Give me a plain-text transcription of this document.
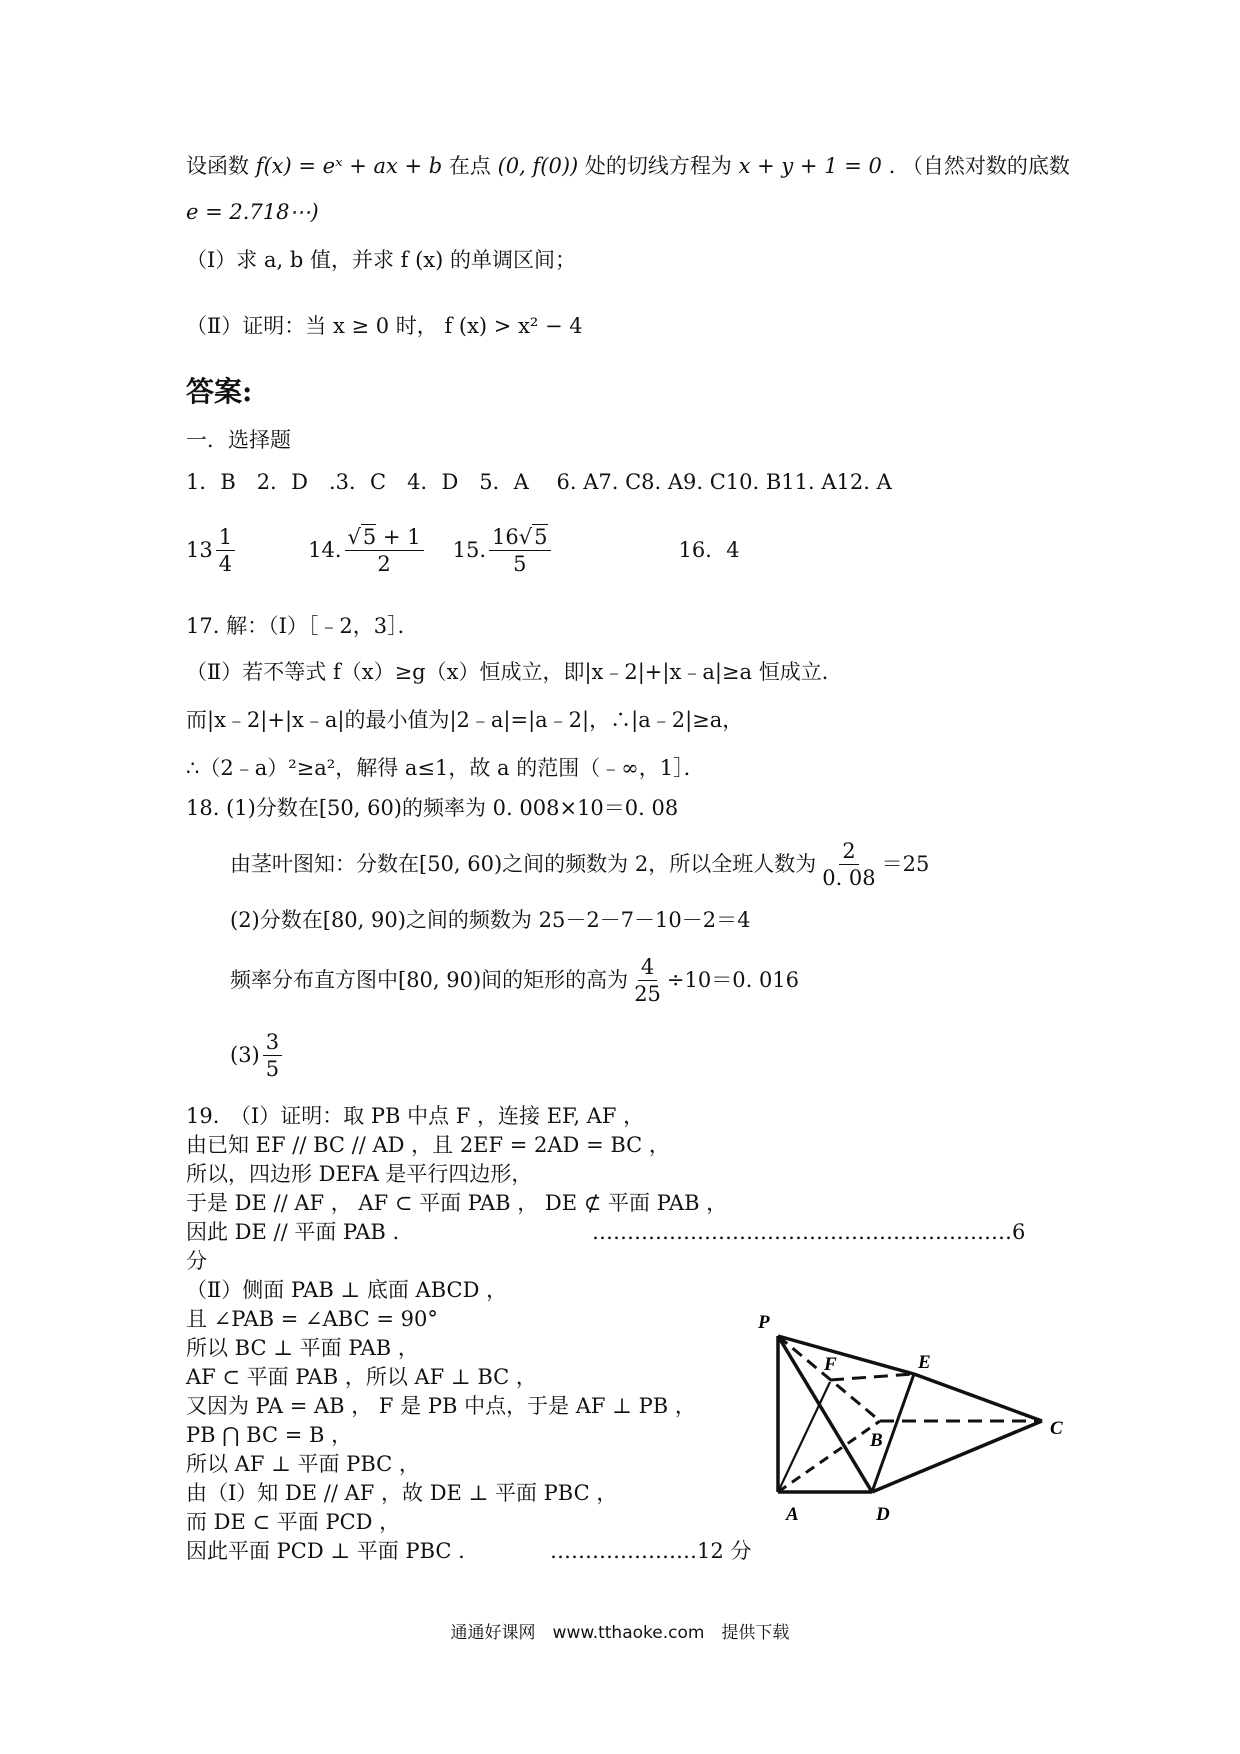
设函数 f(x) = eˣ + ax + b 在点 (0, f(0)) 处的切线方程为 x + y + 1 = 0 . （自然对数的底数
e = 2.718⋯)
（Ⅰ）求 a, b 值，并求 f (x) 的单调区间；
（Ⅱ）证明：当 x ≥ 0 时， f (x) > x² − 4
答案:
一．选择题
1．B　2．D　.3．C　4．D　5．A　 6. A7. C8. A9. C10. B11. A12. A
$13 \frac{1}{4}$	14. $\frac{√5 + 1}{2} 15$. $\frac{16√5}{5}$	16．4
17. 解：（Ⅰ）［﹣2，3］．
（Ⅱ）若不等式 f（x）≥g（x）恒成立，即|x﹣2|+|x﹣a|≥a 恒成立．
而|x﹣2|+|x﹣a|的最小值为|2﹣a|=|a﹣2|，∴|a﹣2|≥a，
∴（2﹣a）²≥a²，解得 a≤1，故 a 的范围（﹣∞，1］．
18. (1)分数在[50, 60)的频率为 0. 008×10＝0. 08
由茎叶图知：分数在[50, 60)之间的频数为 2，所以全班人数为 $\frac{2}{0. 08} =25$
(2)分数在[80, 90)之间的频数为 25－2－7－10－2＝4
频率分布直方图中[80, 90)间的矩形的高为 $\frac{4}{25} \div 10=0$. 016
$(3) \frac{3}{5}$
19.　（Ⅰ）证明：取 PB 中点 F ，连接 EF, AF ，
由已知 EF // BC // AD ，且 2EF = 2AD = BC ，
所以，四边形 DEFA 是平行四边形，
于是 DE // AF ， AF ⊂ 平面 PAB ， DE ⊄ 平面 PAB ，
因此 DE // 平面 PAB .	……………………………………………………6
分
（Ⅱ）侧面 PAB ⊥ 底面 ABCD ，
且 ∠PAB = ∠ABC = 90°
所以 BC ⊥ 平面 PAB ，
AF ⊂ 平面 PAB ，所以 AF ⊥ BC ，
又因为 PA = AB ， F 是 PB 中点，于是 AF ⊥ PB ，
PB ⋂ BC = B ，
所以 AF ⊥ 平面 PBC ，
由（Ⅰ）知 DE // AF ，故 DE ⊥ 平面 PBC ，
而 DE ⊂ 平面 PCD ，
因此平面 PCD ⊥ 平面 PBC .	…………………12 分
P
F	E
B
C
A	D
通通好课网　www.tthaoke.com　提供下载
